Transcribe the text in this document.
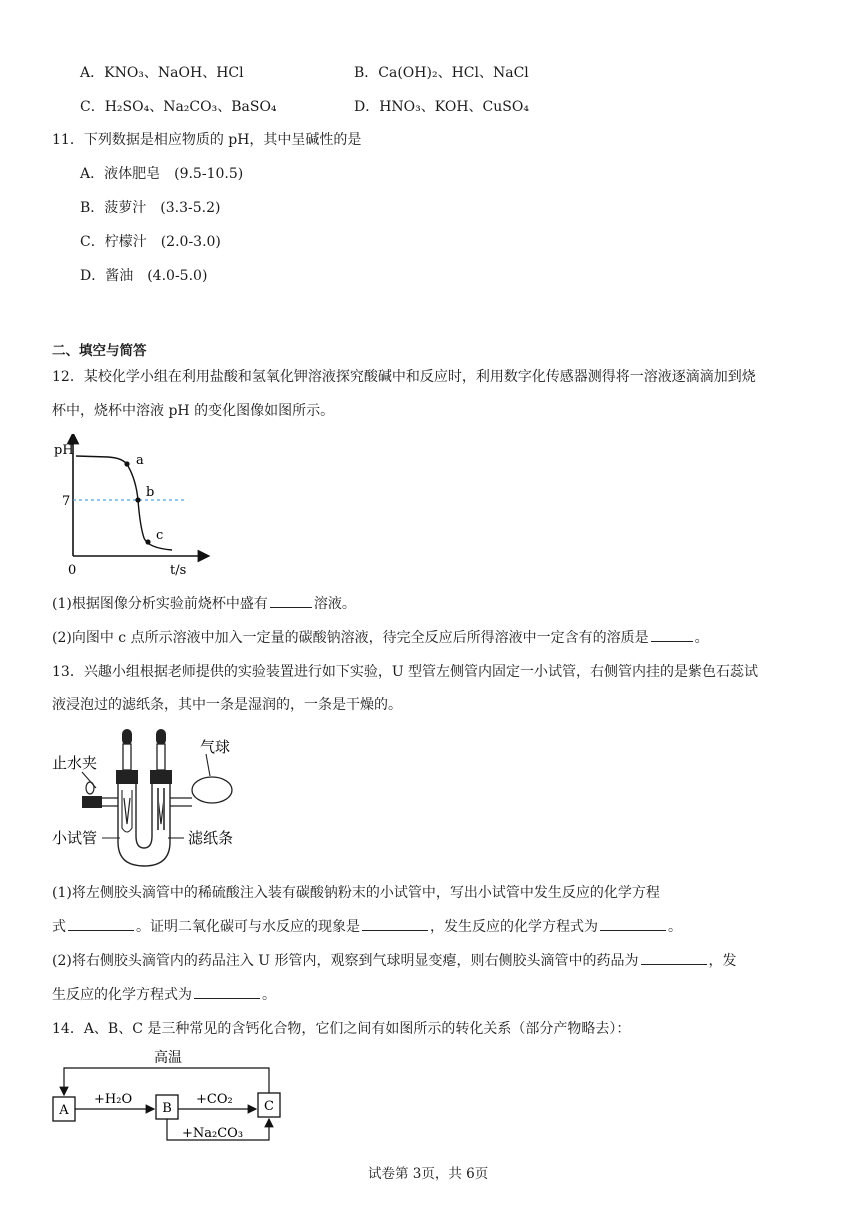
A．KNO₃、NaOH、HCl	B．Ca(OH)₂、HCl、NaCl
C．H₂SO₄、Na₂CO₃、BaSO₄	D．HNO₃、KOH、CuSO₄
11．下列数据是相应物质的 pH，其中呈碱性的是
A．液体肥皂　(9.5-10.5)
B．菠萝汁　(3.3-5.2)
C．柠檬汁　(2.0-3.0)
D．酱油　(4.0-5.0)
二、填空与简答
12．某校化学小组在利用盐酸和氢氧化钾溶液探究酸碱中和反应时，利用数字化传感器测得将一溶液逐滴滴加到烧
杯中，烧杯中溶液 pH 的变化图像如图所示。
pH
7
0	t/s
a
b
c
(1)根据图像分析实验前烧杯中盛有	溶液。
(2)向图中 c 点所示溶液中加入一定量的碳酸钠溶液，待完全反应后所得溶液中一定含有的溶质是	。
13．兴趣小组根据老师提供的实验装置进行如下实验，U 型管左侧管内固定一小试管，右侧管内挂的是紫色石蕊试
液浸泡过的滤纸条，其中一条是湿润的，一条是干燥的。
止水夹
气球
小试管	滤纸条
(1)将左侧胶头滴管中的稀硫酸注入装有碳酸钠粉末的小试管中，写出小试管中发生反应的化学方程
式	。证明二氧化碳可与水反应的现象是	，发生反应的化学方程式为	。
(2)将右侧胶头滴管内的药品注入 U 形管内，观察到气球明显变瘪，则右侧胶头滴管中的药品为	，发
生反应的化学方程式为	。
14．A、B、C 是三种常见的含钙化合物，它们之间有如图所示的转化关系（部分产物略去）：
A	B	C
高温
+H₂O	+CO₂
+Na₂CO₃
试卷第 3页，共 6页
